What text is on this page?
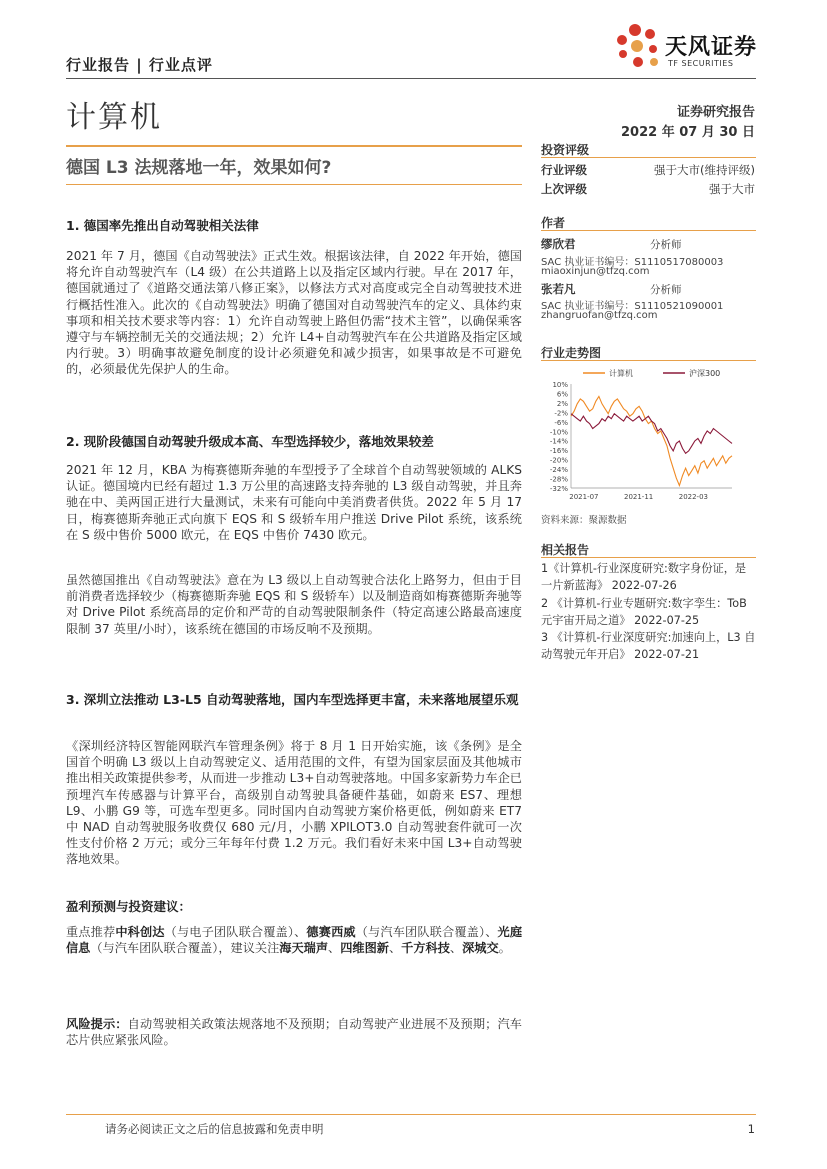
行业报告 | 行业点评
天风证券
TF SECURITIES
计算机	证券研究报告
2022 年 07 月 30 日
德国 L3 法规落地一年，效果如何?
1. 德国率先推出自动驾驶相关法律
2021 年 7 月，德国《自动驾驶法》正式生效。根据该法律，自 2022 年开始，德国将允许自动驾驶汽车（L4 级）在公共道路上以及指定区域内行驶。早在 2017 年，德国就通过了《道路交通法第八修正案》，以修法方式对高度或完全自动驾驶技术进行概括性准入。此次的《自动驾驶法》明确了德国对自动驾驶汽车的定义、具体约束事项和相关技术要求等内容：1）允许自动驾驶上路但仍需“技术主管”，以确保乘客遵守与车辆控制无关的交通法规；2）允许 L4+自动驾驶汽车在公共道路及指定区域内行驶。3）明确事故避免制度的设计必须避免和减少损害，如果事故是不可避免的，必须最优先保护人的生命。
2. 现阶段德国自动驾驶升级成本高、车型选择较少，落地效果较差
2021 年 12 月，KBA 为梅赛德斯奔驰的车型授予了全球首个自动驾驶领域的 ALKS 认证。德国境内已经有超过 1.3 万公里的高速路支持奔驰的 L3 级自动驾驶，并且奔驰在中、美两国正进行大量测试，未来有可能向中美消费者供货。2022 年 5 月 17 日，梅赛德斯奔驰正式向旗下 EQS 和 S 级轿车用户推送 Drive Pilot 系统，该系统在 S 级中售价 5000 欧元，在 EQS 中售价 7430 欧元。
虽然德国推出《自动驾驶法》意在为 L3 级以上自动驾驶合法化上路努力，但由于目前消费者选择较少（梅赛德斯奔驰 EQS 和 S 级轿车）以及制造商如梅赛德斯奔驰等对 Drive Pilot 系统高昂的定价和严苛的自动驾驶限制条件（特定高速公路最高速度限制 37 英里/小时），该系统在德国的市场反响不及预期。
3. 深圳立法推动 L3-L5 自动驾驶落地，国内车型选择更丰富，未来落地展望乐观
《深圳经济特区智能网联汽车管理条例》将于 8 月 1 日开始实施，该《条例》是全国首个明确 L3 级以上自动驾驶定义、适用范围的文件，有望为国家层面及其他城市推出相关政策提供参考，从而进一步推动 L3+自动驾驶落地。中国多家新势力车企已预埋汽车传感器与计算平台，高级别自动驾驶具备硬件基础，如蔚来 ES7、理想 L9、小鹏 G9 等，可选车型更多。同时国内自动驾驶方案价格更低，例如蔚来 ET7 中 NAD 自动驾驶服务收费仅 680 元/月，小鹏 XPILOT3.0 自动驾驶套件就可一次性支付价格 2 万元；或分三年每年付费 1.2 万元。我们看好未来中国 L3+自动驾驶落地效果。
盈利预测与投资建议：
重点推荐中科创达（与电子团队联合覆盖）、德赛西威（与汽车团队联合覆盖）、光庭信息（与汽车团队联合覆盖），建议关注海天瑞声、四维图新、千方科技、深城交。
风险提示：自动驾驶相关政策法规落地不及预期；自动驾驶产业进展不及预期；汽车芯片供应紧张风险。
投资评级
行业评级	强于大市(维持评级)
上次评级	强于大市
作者
缪欣君	分析师
SAC 执业证书编号：S1110517080003
miaoxinjun@tfzq.com
张若凡	分析师
SAC 执业证书编号：S1110521090001
zhangruofan@tfzq.com
行业走势图
10%
6%
2%
-2%
-6%
-10%
-14%
-16%
-20%
-24%
-28%
-32%
2021-07	2021-11	2022-03
计算机	沪深300
资料来源：聚源数据
相关报告
1《计算机-行业深度研究:数字身份证，是一片新蓝海》 2022-07-26
2 《计算机-行业专题研究:数字孪生：ToB 元宇宙开局之道》 2022-07-25
3 《计算机-行业深度研究:加速向上，L3 自动驾驶元年开启》 2022-07-21
请务必阅读正文之后的信息披露和免责申明	1
